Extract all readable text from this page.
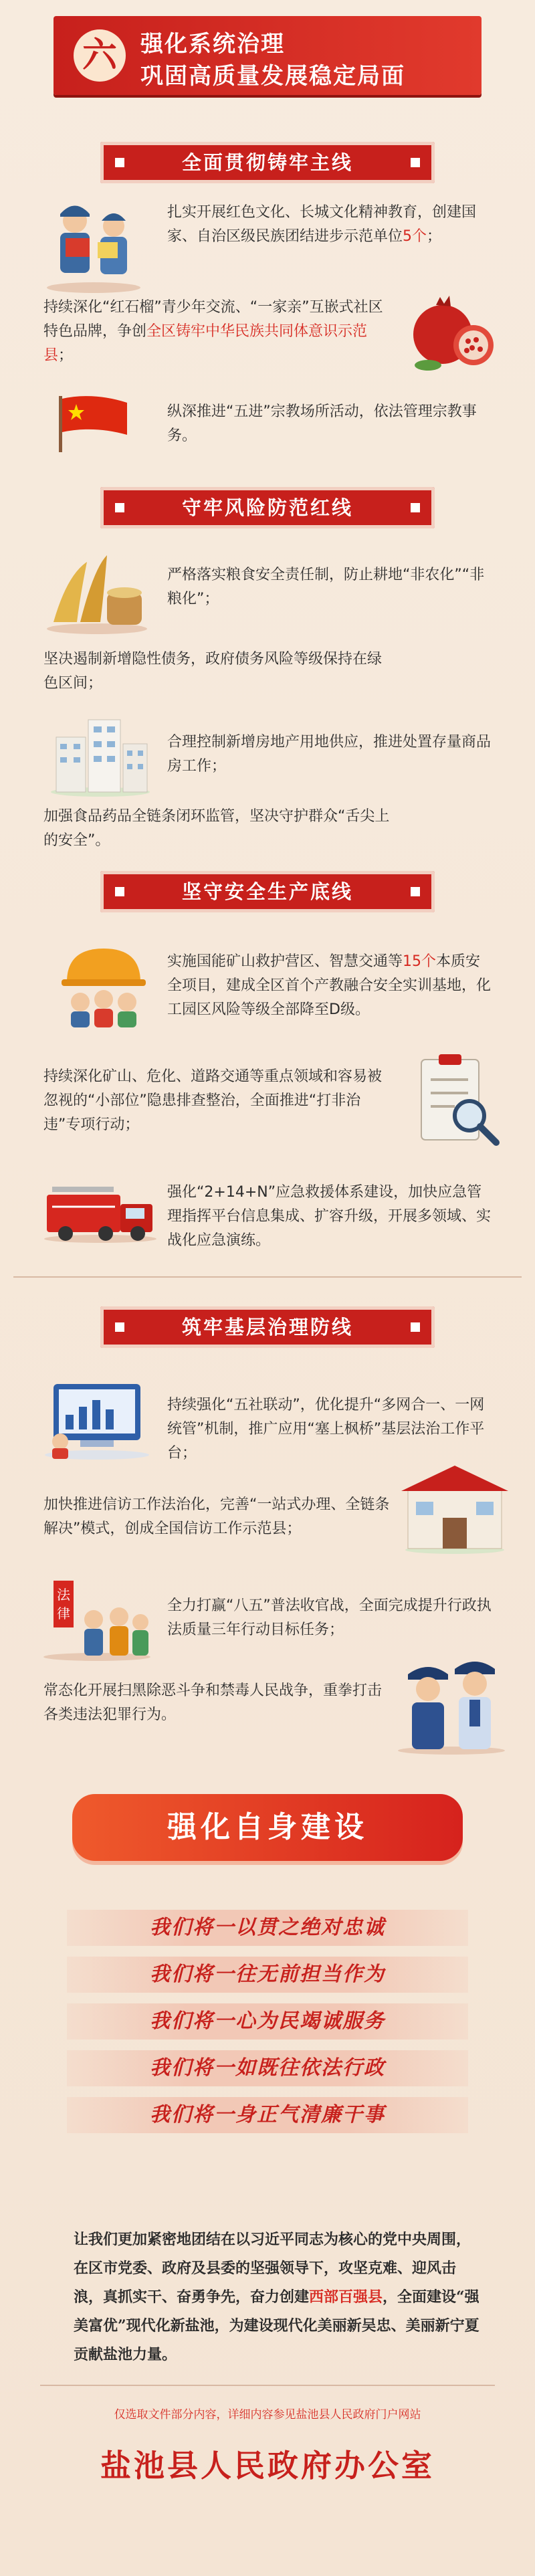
六	强化系统治理
巩固高质量发展稳定局面
全面贯彻铸牢主线
扎实开展红色文化、长城文化精神教育，创建国家、自治区级民族团结进步示范单位5个；
持续深化“红石榴”青少年交流、“一家亲”互嵌式社区特色品牌，争创全区铸牢中华民族共同体意识示范县；
纵深推进“五进”宗教场所活动，依法管理宗教事务。
守牢风险防范红线
严格落实粮食安全责任制，防止耕地“非农化”“非粮化”；
坚决遏制新增隐性债务，政府债务风险等级保持在绿色区间；
合理控制新增房地产用地供应，推进处置存量商品房工作；
加强食品药品全链条闭环监管，坚决守护群众“舌尖上的安全”。
坚守安全生产底线
实施国能矿山救护营区、智慧交通等15个本质安全项目，建成全区首个产教融合安全实训基地，化工园区风险等级全部降至D级。
持续深化矿山、危化、道路交通等重点领域和容易被忽视的“小部位”隐患排查整治，全面推进“打非治违”专项行动；
强化“2+14+N”应急救援体系建设，加快应急管理指挥平台信息集成、扩容升级，开展多领域、实战化应急演练。
筑牢基层治理防线
持续强化“五社联动”，优化提升“多网合一、一网统管”机制，推广应用“塞上枫桥”基层法治工作平台；
加快推进信访工作法治化，完善“一站式办理、全链条解决”模式，创成全国信访工作示范县；
法
律	全力打赢“八五”普法收官战，全面完成提升行政执法质量三年行动目标任务；
常态化开展扫黑除恶斗争和禁毒人民战争，重拳打击各类违法犯罪行为。
强化自身建设
我们将一以贯之绝对忠诚
我们将一往无前担当作为
我们将一心为民竭诚服务
我们将一如既往依法行政
我们将一身正气清廉干事
让我们更加紧密地团结在以习近平同志为核心的党中央周围，在区市党委、政府及县委的坚强领导下，攻坚克难、迎风击浪，真抓实干、奋勇争先，奋力创建西部百强县，全面建设“强美富优”现代化新盐池，为建设现代化美丽新吴忠、美丽新宁夏贡献盐池力量。
仅选取文件部分内容，详细内容参见盐池县人民政府门户网站
盐池县人民政府办公室
